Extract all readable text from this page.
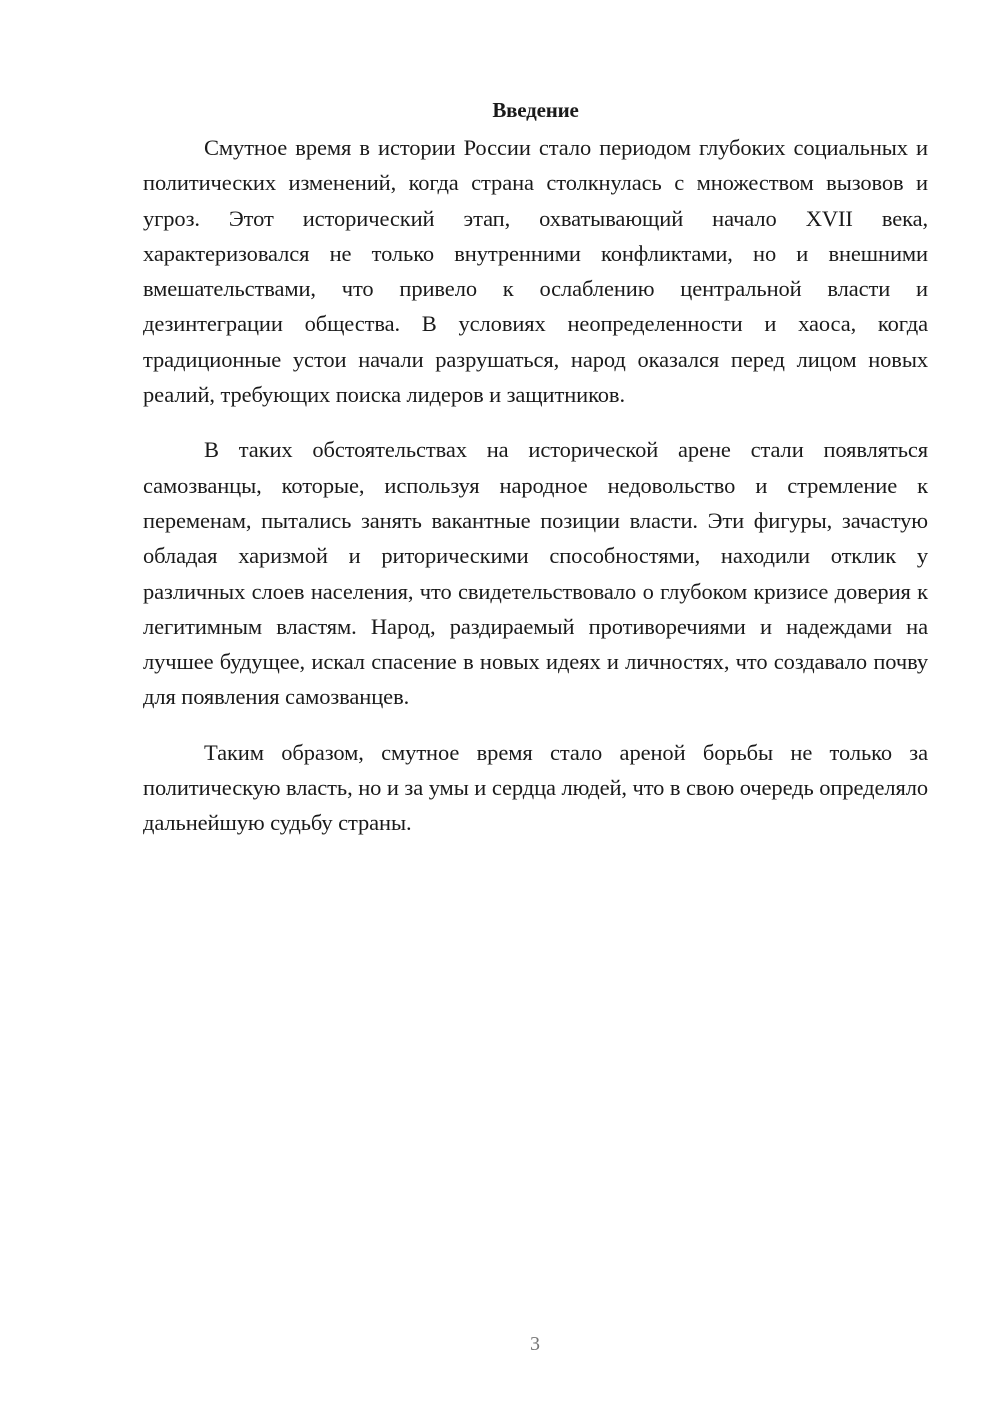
Введение

Смутное время в истории России стало периодом глубоких социальных и политических изменений, когда страна столкнулась с множеством вызовов и угроз. Этот исторический этап, охватывающий начало XVII века, характеризовался не только внутренними конфликтами, но и внешними вмешательствами, что привело к ослаблению центральной власти и дезинтеграции общества. В условиях неопределенности и хаоса, когда традиционные устои начали разрушаться, народ оказался перед лицом новых реалий, требующих поиска лидеров и защитников.

В таких обстоятельствах на исторической арене стали появляться самозванцы, которые, используя народное недовольство и стремление к переменам, пытались занять вакантные позиции власти. Эти фигуры, зачастую обладая харизмой и риторическими способностями, находили отклик у различных слоев населения, что свидетельствовало о глубоком кризисе доверия к легитимным властям. Народ, раздираемый противоречиями и надеждами на лучшее будущее, искал спасение в новых идеях и личностях, что создавало почву для появления самозванцев.

Таким образом, смутное время стало ареной борьбы не только за политическую власть, но и за умы и сердца людей, что в свою очередь определяло дальнейшую судьбу страны.

3
